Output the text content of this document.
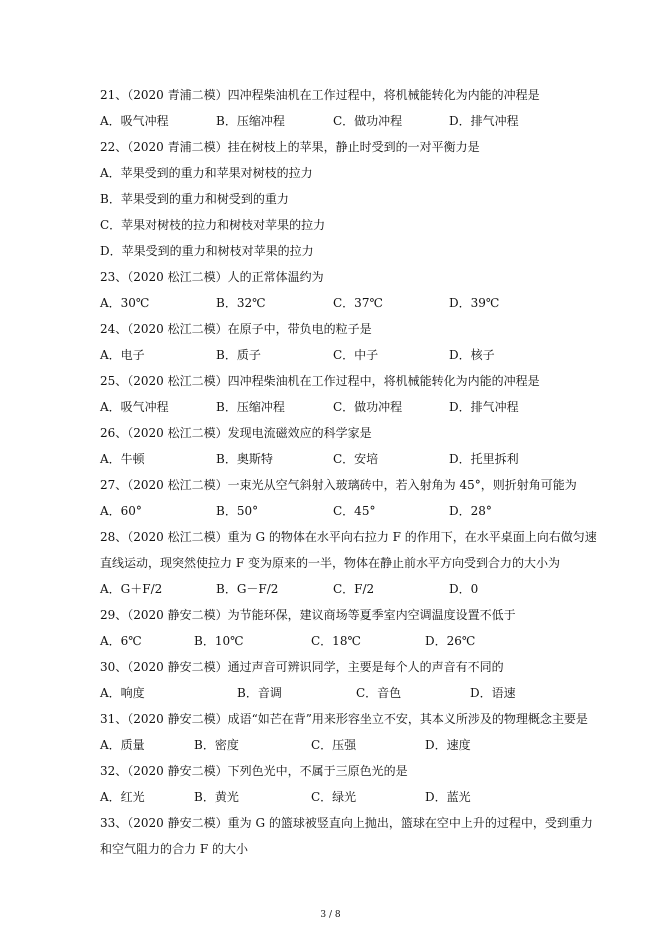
21、（2020 青浦二模）四冲程柴油机在工作过程中，将机械能转化为内能的冲程是
A．吸气冲程	B．压缩冲程	C．做功冲程	D．排气冲程
22、（2020 青浦二模）挂在树枝上的苹果，静止时受到的一对平衡力是
A．苹果受到的重力和苹果对树枝的拉力
B．苹果受到的重力和树受到的重力
C．苹果对树枝的拉力和树枝对苹果的拉力
D．苹果受到的重力和树枝对苹果的拉力
23、（2020 松江二模）人的正常体温约为
A．30℃	B．32℃	C．37℃	D．39℃
24、（2020 松江二模）在原子中，带负电的粒子是
A．电子	B．质子	C．中子	D．核子
25、（2020 松江二模）四冲程柴油机在工作过程中，将机械能转化为内能的冲程是
A．吸气冲程	B．压缩冲程	C．做功冲程	D．排气冲程
26、（2020 松江二模）发现电流磁效应的科学家是
A．牛顿	B．奥斯特	C．安培	D．托里拆利
27、（2020 松江二模）一束光从空气斜射入玻璃砖中，若入射角为 45°，则折射角可能为
A．60°	B．50°	C．45°	D．28°
28、（2020 松江二模）重为 G 的物体在水平向右拉力 F 的作用下，在水平桌面上向右做匀速
直线运动，现突然使拉力 F 变为原来的一半，物体在静止前水平方向受到合力的大小为
A．G＋F/2	B．G－F/2	C．F/2	D．0
29、（2020 静安二模）为节能环保，建议商场等夏季室内空调温度设置不低于
A．6℃	B．10℃	C．18℃	D．26℃
30、（2020 静安二模）通过声音可辨识同学，主要是每个人的声音有不同的
A．响度	B．音调	C．音色	D．语速
31、（2020 静安二模）成语“如芒在背”用来形容坐立不安，其本义所涉及的物理概念主要是
A．质量	B．密度	C．压强	D．速度
32、（2020 静安二模）下列色光中，不属于三原色光的是
A．红光	B．黄光	C．绿光	D．蓝光
33、（2020 静安二模）重为 G 的篮球被竖直向上抛出，篮球在空中上升的过程中，受到重力
和空气阻力的合力 F 的大小
3 / 8
